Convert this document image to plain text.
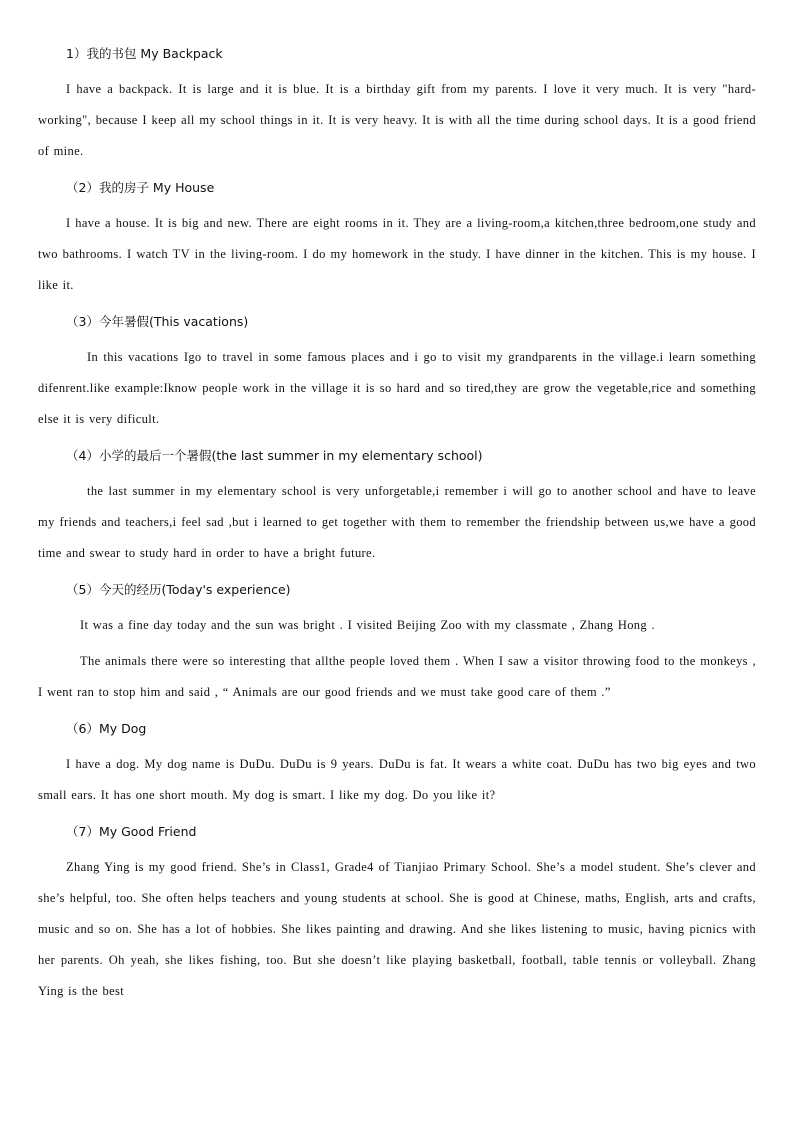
1）我的书包 My Backpack

I have a backpack. It is large and it is blue. It is a birthday gift from my parents. I love it very much. It is very "hard-working", because I keep all my school things in it. It is very heavy. It is with all the time during school days. It is a good friend of mine.

（2）我的房子 My House

I have a house. It is big and new. There are eight rooms in it. They are a living-room,a kitchen,three bedroom,one study and two bathrooms. I watch TV in the living-room. I do my homework in the study. I have dinner in the kitchen. This is my house. I like it.

（3）今年暑假(This vacations)

In this vacations Igo to travel in some famous places and i go to visit my grandparents in the village.i learn something difenrent.like example:Iknow people work in the village it is so hard and so tired,they are grow the vegetable,rice and something else it is very dificult.

（4）小学的最后一个暑假(the last summer in my elementary school)

the last summer in my elementary school is very unforgetable,i remember i will go to another school and have to leave my friends and teachers,i feel sad ,but i learned to get together with them to remember the friendship between us,we have a good time and swear to study hard in order to have a bright future.

（5）今天的经历(Today's experience)

It was a fine day today and the sun was bright . I visited Beijing Zoo with my classmate , Zhang Hong .

The animals there were so interesting that allthe people loved them . When I saw a visitor throwing food to the monkeys , I went ran to stop him and said , “ Animals are our good friends and we must take good care of them .”

（6）My Dog

I have a dog. My dog name is DuDu. DuDu is 9 years. DuDu is fat. It wears a white coat. DuDu has two big eyes and two small ears. It has one short mouth. My dog is smart. I like my dog. Do you like it?

（7）My Good Friend

Zhang Ying is my good friend. She’s in Class1, Grade4 of Tianjiao Primary School. She’s a model student. She’s clever and she’s helpful, too. She often helps teachers and young students at school. She is good at Chinese, maths, English, arts and crafts, music and so on. She has a lot of hobbies. She likes painting and drawing. And she likes listening to music, having picnics with her parents. Oh yeah, she likes fishing, too. But she doesn’t like playing basketball, football, table tennis or volleyball. Zhang Ying is the best
